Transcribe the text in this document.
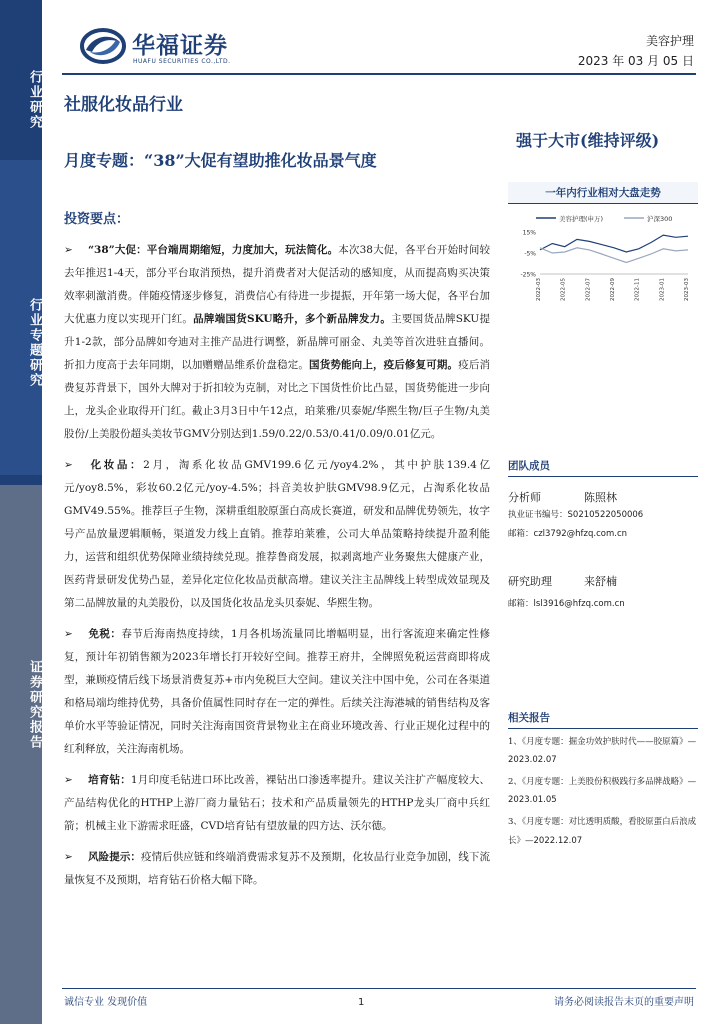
行业研究
行业专题研究
证券研究报告
华福证券
HUAFU SECURITIES CO.,LTD.
美容护理
2023 年 03 月 05 日
社服化妆品行业
月度专题：“38”大促有望助推化妆品景气度
强于大市(维持评级)
投资要点：

➢ “38”大促：平台端周期缩短，力度加大，玩法简化。本次38大促，各平台开始时间较去年推迟1-4天，部分平台取消预热，提升消费者对大促活动的感知度，从而提高购买决策效率刺激消费。伴随疫情逐步修复，消费信心有待进一步提振，开年第一场大促，各平台加大优惠力度以实现开门红。品牌端国货SKU略升，多个新品牌发力。主要国货品牌SKU提升1-2款，部分品牌如夸迪对主推产品进行调整，新晶牌可丽金、丸美等首次进驻直播间。折扣力度高于去年同期，以加赠赠品维系价盘稳定。国货势能向上，疫后修复可期。疫后消费复苏背景下，国外大牌对于折扣较为克制，对比之下国货性价比凸显，国货势能进一步向上，龙头企业取得开门红。截止3月3日中午12点，珀莱雅/贝泰妮/华熙生物/巨子生物/丸美股份/上美股份超头美妆节GMV分别达到1.59/0.22/0.53/0.41/0.09/0.01亿元。

➢ 化妆品：2月，淘系化妆品GMV199.6亿元/yoy4.2%，其中护肤139.4亿元/yoy8.5%，彩妆60.2亿元/yoy-4.5%；抖音美妆护肤GMV98.9亿元，占淘系化妆品GMV49.55%。推荐巨子生物，深耕重组胶原蛋白高成长赛道，研发和品牌优势领先，妆字号产品放量逻辑顺畅，渠道发力线上直销。推荐珀莱雅，公司大单品策略持续提升盈利能力，运营和组织优势保障业绩持续兑现。推荐鲁商发展，拟剥离地产业务聚焦大健康产业，医药背景研发优势凸显，差异化定位化妆品贡献高增。建议关注主品牌线上转型成效显现及第二品牌放量的丸美股份，以及国货化妆品龙头贝泰妮、华熙生物。

➢ 免税：春节后海南热度持续，1月各机场流量同比增幅明显，出行客流迎来确定性修复，预计年初销售额为2023年增长打开较好空间。推荐王府井，全牌照免税运营商即将成型，兼顾疫情后线下场景消费复苏+市内免税巨大空间。建议关注中国中免，公司在各渠道和格局端均维持优势，具备价值属性同时存在一定的弹性。后续关注海港城的销售结构及客单价水平等验证情况，同时关注海南国资背景物业主在商业环境改善、行业正规化过程中的红利释放，关注海南机场。

➢ 培育钻：1月印度毛钻进口环比改善，裸钻出口渗透率提升。建议关注扩产幅度较大、产品结构优化的HTHP上游厂商力量钻石；技术和产品质量领先的HTHP龙头厂商中兵红箭；机械主业下游需求旺盛，CVD培育钻有望放量的四方达、沃尔德。

➢ 风险提示：疫情后供应链和终端消费需求复苏不及预期，化妆品行业竞争加剧，线下流量恢复不及预期，培育钻石价格大幅下降。

一年内行业相对大盘走势
美容护理(申万)	沪深300
15%
-5%
-25%
2022-03	2022-05	2022-07	2022-09	2022-11	2023-01	2023-03
团队成员
分析师	陈照林
执业证书编号：S0210522050006
邮箱：czl3792@hfzq.com.cn
研究助理	来舒楠
邮箱：lsl3916@hfzq.com.cn
相关报告
1、《月度专题：掘金功效护肤时代——胶原篇》—
2023.02.07
2、《月度专题：上美股份积极践行多品牌战略》—
2023.01.05
3、《月度专题：对比透明质酸，看胶原蛋白后浪成长》—2022.12.07
诚信专业 发现价值	1	请务必阅读报告末页的重要声明
